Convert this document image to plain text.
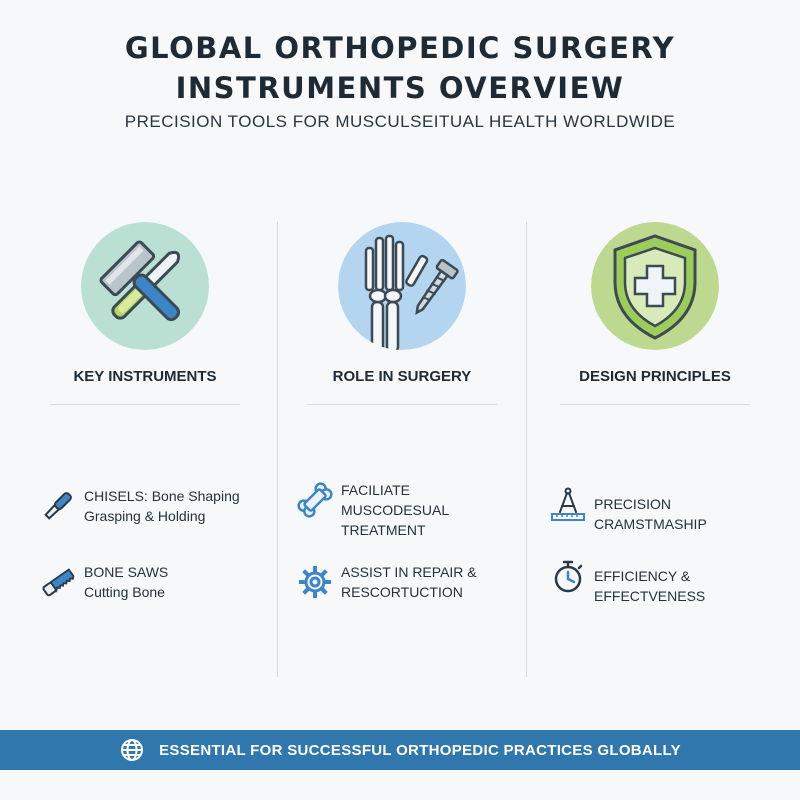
GLOBAL ORTHOPEDIC SURGERY
INSTRUMENTS OVERVIEW
PRECISION TOOLS FOR MUSCULSEITUAL HEALTH WORLDWIDE
KEY INSTRUMENTS
CHISELS: Bone Shaping
Grasping & Holding
BONE SAWS
Cutting Bone
ROLE IN SURGERY
FACILIATE
MUSCODESUAL
TREATMENT
ASSIST IN REPAIR &
RESCORTUCTION
DESIGN PRINCIPLES
PRECISION CRAMSTMASHIP
EFFICIENCY & EFFECTVENESS
ESSENTIAL FOR SUCCESSFUL ORTHOPEDIC PRACTICES GLOBALLY
